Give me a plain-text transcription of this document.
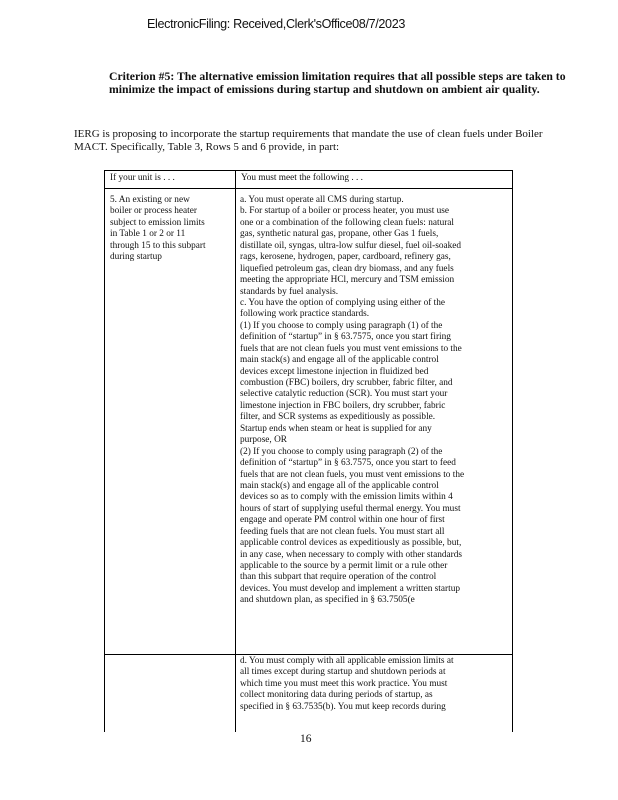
ElectronicFiling: Received,Clerk'sOffice08/7/2023
Criterion #5: The alternative emission limitation requires that all possible steps are taken to minimize the impact of emissions during startup and shutdown on ambient air quality.
IERG is proposing to incorporate the startup requirements that mandate the use of clean fuels under Boiler MACT. Specifically, Table 3, Rows 5 and 6 provide, in part:
If your unit is . . .	You must meet the following . . .
5. An existing or new
boiler or process heater
subject to emission limits
in Table 1 or 2 or 11
through 15 to this subpart
during startup
a. You must operate all CMS during startup.
b. For startup of a boiler or process heater, you must use
one or a combination of the following clean fuels: natural
gas, synthetic natural gas, propane, other Gas 1 fuels,
distillate oil, syngas, ultra-low sulfur diesel, fuel oil-soaked
rags, kerosene, hydrogen, paper, cardboard, refinery gas,
liquefied petroleum gas, clean dry biomass, and any fuels
meeting the appropriate HCl, mercury and TSM emission
standards by fuel analysis.
c. You have the option of complying using either of the
following work practice standards.
(1) If you choose to comply using paragraph (1) of the
definition of “startup” in § 63.7575, once you start firing
fuels that are not clean fuels you must vent emissions to the
main stack(s) and engage all of the applicable control
devices except limestone injection in fluidized bed
combustion (FBC) boilers, dry scrubber, fabric filter, and
selective catalytic reduction (SCR). You must start your
limestone injection in FBC boilers, dry scrubber, fabric
filter, and SCR systems as expeditiously as possible.
Startup ends when steam or heat is supplied for any
purpose, OR
(2) If you choose to comply using paragraph (2) of the
definition of “startup” in § 63.7575, once you start to feed
fuels that are not clean fuels, you must vent emissions to the
main stack(s) and engage all of the applicable control
devices so as to comply with the emission limits within 4
hours of start of supplying useful thermal energy. You must
engage and operate PM control within one hour of first
feeding fuels that are not clean fuels. You must start all
applicable control devices as expeditiously as possible, but,
in any case, when necessary to comply with other standards
applicable to the source by a permit limit or a rule other
than this subpart that require operation of the control
devices. You must develop and implement a written startup
and shutdown plan, as specified in § 63.7505(e
d. You must comply with all applicable emission limits at
all times except during startup and shutdown periods at
which time you must meet this work practice. You must
collect monitoring data during periods of startup, as
specified in § 63.7535(b). You mut keep records during
16
